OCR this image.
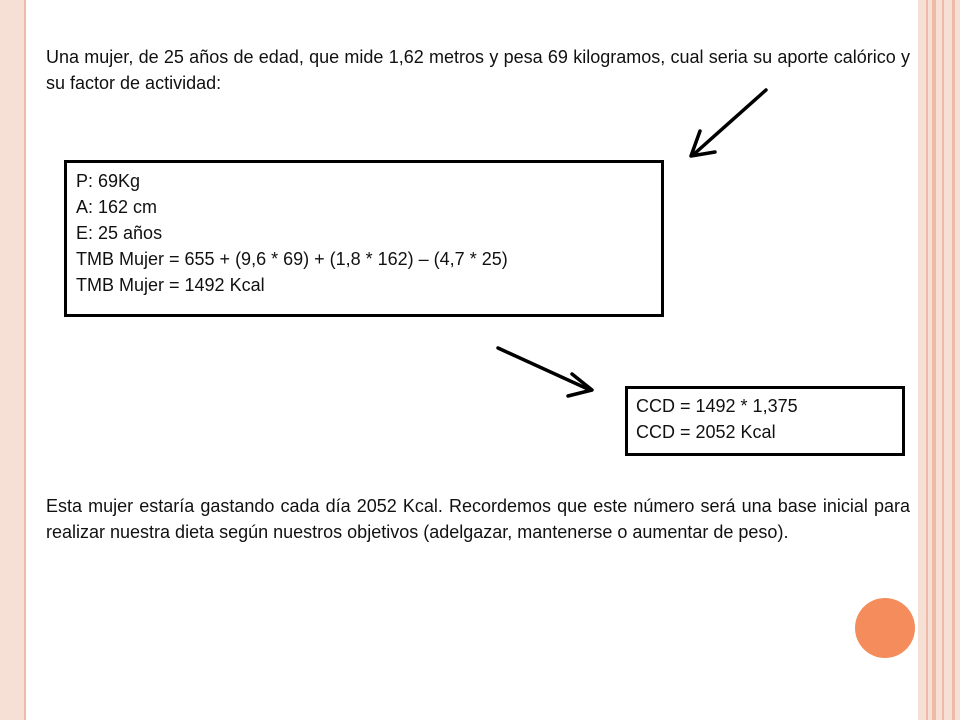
Una mujer, de 25 años de edad, que mide 1,62 metros y pesa 69 kilogramos, cual seria su aporte calórico y su factor de actividad:

P: 69Kg
A: 162 cm
E: 25 años
TMB Mujer = 655 + (9,6 * 69) + (1,8 * 162) – (4,7 * 25)
TMB Mujer = 1492 Kcal
CCD = 1492 * 1,375
CCD = 2052 Kcal

Esta mujer estaría gastando cada día 2052 Kcal. Recordemos que este número será una base inicial para realizar nuestra dieta según nuestros objetivos (adelgazar, mantenerse o aumentar de peso).
